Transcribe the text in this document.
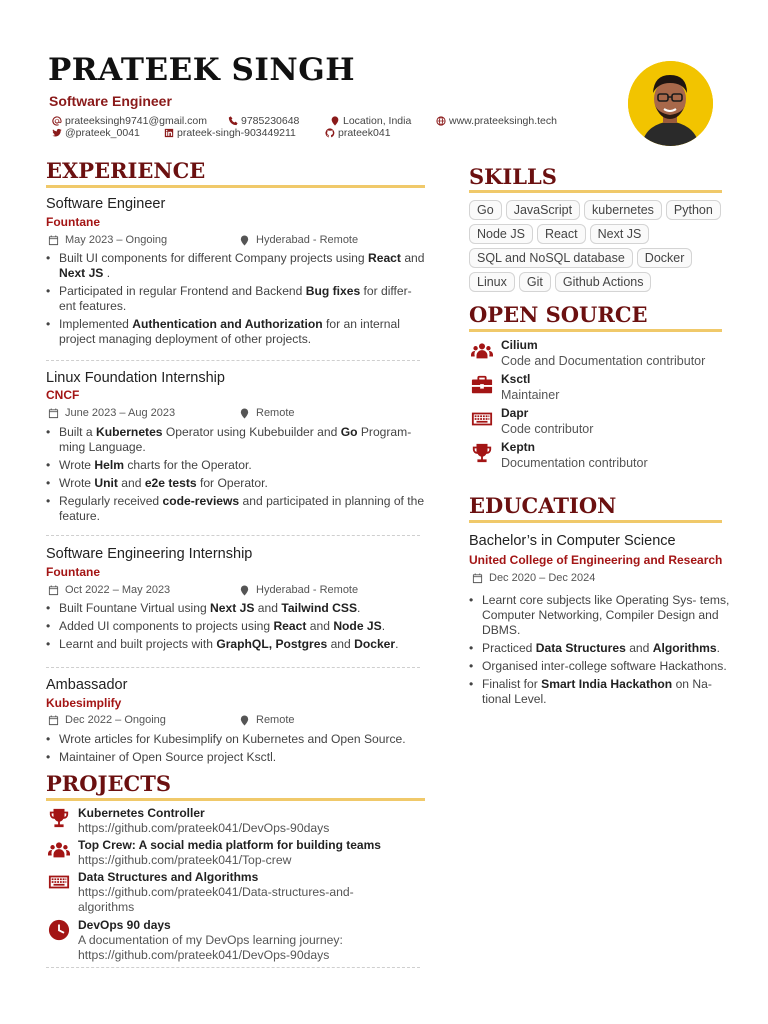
PRATEEK SINGH
Software Engineer
prateeksingh9741@gmail.com	9785230648	Location, India	www.prateeksingh.tech
@prateek_0041	prateek-singh-903449211	prateek041
EXPERIENCE
Software Engineer
Fountane
May 2023 – Ongoing	Hyderabad - Remote
• Built UI components for different Company projects using React and Next JS .
• Participated in regular Frontend and Backend Bug fixes for differ- ent features.
• Implemented Authentication and Authorization for an internal project managing deployment of other projects.
Linux Foundation Internship
CNCF
June 2023 – Aug 2023	Remote
• Built a Kubernetes Operator using Kubebuilder and Go Program- ming Language.
• Wrote Helm charts for the Operator.
• Wrote Unit and e2e tests for Operator.
• Regularly received code-reviews and participated in planning of the feature.
Software Engineering Internship
Fountane
Oct 2022 – May 2023	Hyderabad - Remote
• Built Fountane Virtual using Next JS and Tailwind CSS.
• Added UI components to projects using React and Node JS.
• Learnt and built projects with GraphQL, Postgres and Docker.
Ambassador
Kubesimplify
Dec 2022 – Ongoing	Remote
• Wrote articles for Kubesimplify on Kubernetes and Open Source.
• Maintainer of Open Source project Ksctl.
PROJECTS
Kubernetes Controller
https://github.com/prateek041/DevOps-90days
Top Crew: A social media platform for building teams
https://github.com/prateek041/Top-crew
Data Structures and Algorithms
https://github.com/prateek041/Data-structures-and- algorithms
DevOps 90 days
A documentation of my DevOps learning journey: https://github.com/prateek041/DevOps-90days
SKILLS
Go	JavaScript	kubernetes	Python
Node JS	React	Next JS
SQL and NoSQL database	Docker
Linux	Git	Github Actions
OPEN SOURCE
Cilium
Code and Documentation contributor
Ksctl
Maintainer
Dapr
Code contributor
Keptn
Documentation contributor
EDUCATION
Bachelor’s in Computer Science
United College of Engineering and Research
Dec 2020 – Dec 2024
• Learnt core subjects like Operating Sys- tems, Computer Networking, Compiler Design and DBMS.
• Practiced Data Structures and Algorithms.
• Organised inter-college software Hackathons.
• Finalist for Smart India Hackathon on Na- tional Level.
